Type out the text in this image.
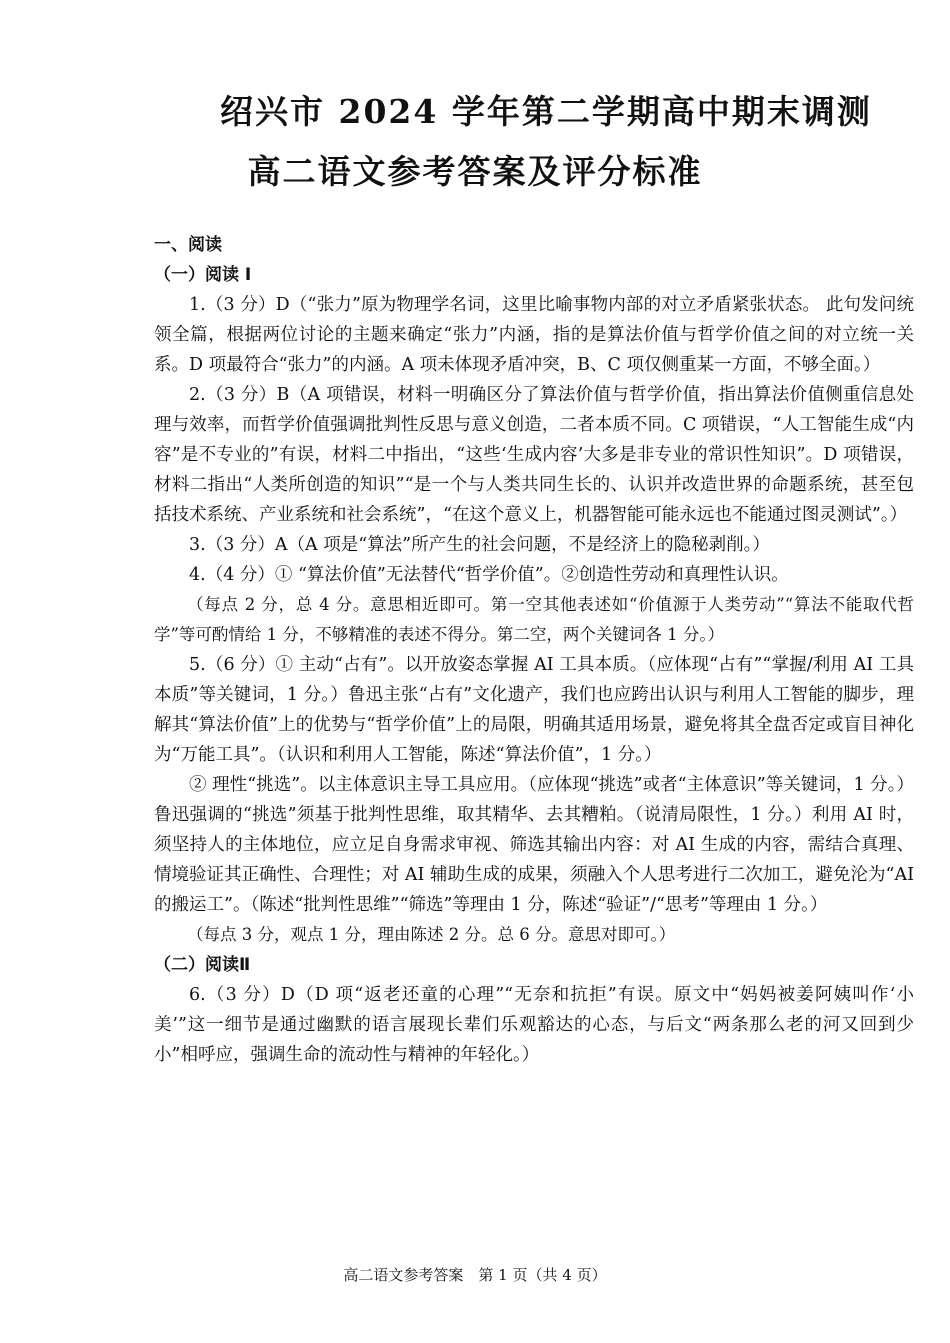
绍兴市 2024 学年第二学期高中期末调测
高二语文参考答案及评分标准
一、阅读
（一）阅读 I

1.（3 分）D（“张力”原为物理学名词，这里比喻事物内部的对立矛盾紧张状态。 此句发问统领全篇，根据两位讨论的主题来确定“张力”内涵，指的是算法价值与哲学价值之间的对立统一关系。D 项最符合“张力”的内涵。A 项未体现矛盾冲突，B、C 项仅侧重某一方面，不够全面。）

2.（3 分）B（A 项错误，材料一明确区分了算法价值与哲学价值，指出算法价值侧重信息处理与效率，而哲学价值强调批判性反思与意义创造，二者本质不同。C 项错误，“人工智能生成“内容”是不专业的”有误，材料二中指出，“这些‘生成内容’大多是非专业的常识性知识”。D 项错误，材料二指出“人类所创造的知识”“是一个与人类共同生长的、认识并改造世界的命题系统，甚至包括技术系统、产业系统和社会系统”，“在这个意义上，机器智能可能永远也不能通过图灵测试”。）

3.（3 分）A（A 项是“算法”所产生的社会问题，不是经济上的隐秘剥削。）

4.（4 分）① “算法价值”无法替代“哲学价值”。②创造性劳动和真理性认识。

（每点 2 分，总 4 分。意思相近即可。第一空其他表述如“价值源于人类劳动”“算法不能取代哲学”等可酌情给 1 分，不够精准的表述不得分。第二空，两个关键词各 1 分。）

5.（6 分）① 主动“占有”。以开放姿态掌握 AI 工具本质。（应体现“占有”“掌握/利用 AI 工具本质”等关键词，1 分。）鲁迅主张“占有”文化遗产，我们也应跨出认识与利用人工智能的脚步，理解其“算法价值”上的优势与“哲学价值”上的局限，明确其适用场景，避免将其全盘否定或盲目神化为“万能工具”。（认识和利用人工智能，陈述“算法价值”，1 分。）

② 理性“挑选”。以主体意识主导工具应用。（应体现“挑选”或者“主体意识”等关键词，1 分。）鲁迅强调的“挑选”须基于批判性思维，取其精华、去其糟粕。（说清局限性，1 分。）利用 AI 时，须坚持人的主体地位，应立足自身需求审视、筛选其输出内容：对 AI 生成的内容，需结合真理、情境验证其正确性、合理性；对 AI 辅助生成的成果，须融入个人思考进行二次加工，避免沦为“AI 的搬运工”。（陈述“批判性思维”“筛选”等理由 1 分，陈述“验证”/“思考”等理由 1 分。）

（每点 3 分，观点 1 分，理由陈述 2 分。总 6 分。意思对即可。）

（二）阅读Ⅱ

6.（3 分）D（D 项“返老还童的心理”“无奈和抗拒”有误。原文中“妈妈被姜阿姨叫作‘小美’”这一细节是通过幽默的语言展现长辈们乐观豁达的心态，与后文“两条那么老的河又回到少小”相呼应，强调生命的流动性与精神的年轻化。）

高二语文参考答案　第 1 页（共 4 页）
